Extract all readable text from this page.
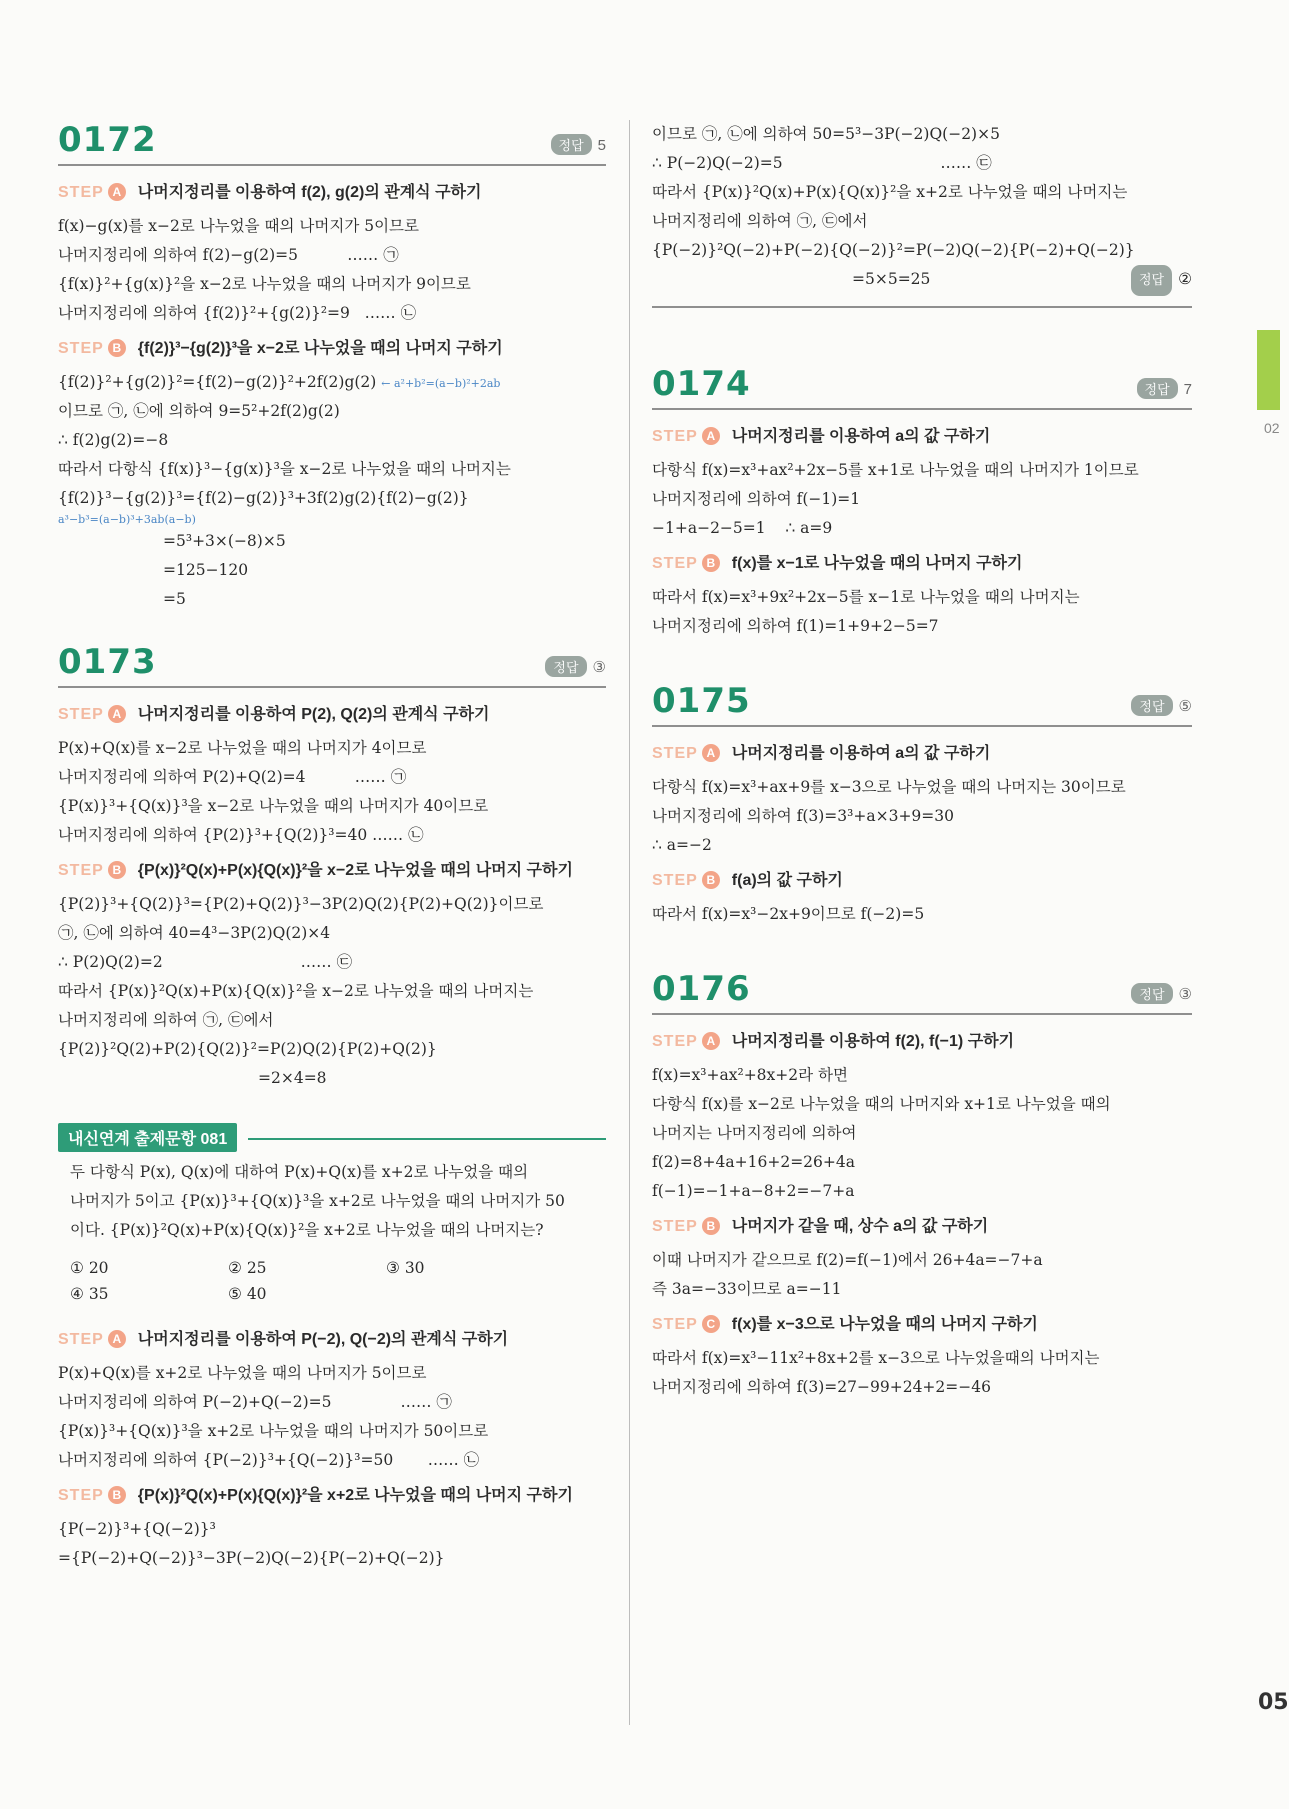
02
05
0172	정답 5
STEP A 나머지정리를 이용하여 f(2), g(2)의 관계식 구하기
f(x)−g(x)를 x−2로 나누었을 때의 나머지가 5이므로
나머지정리에 의하여 f(2)−g(2)=5          …… ㉠
{f(x)}²+{g(x)}²을 x−2로 나누었을 때의 나머지가 9이므로
나머지정리에 의하여 {f(2)}²+{g(2)}²=9   …… ㉡
STEP B {f(2)}³−{g(2)}³을 x−2로 나누었을 때의 나머지 구하기
{f(2)}²+{g(2)}²={f(2)−g(2)}²+2f(2)g(2) ← a²+b²=(a−b)²+2ab
이므로 ㉠, ㉡에 의하여 9=5²+2f(2)g(2)
∴ f(2)g(2)=−8
따라서 다항식 {f(x)}³−{g(x)}³을 x−2로 나누었을 때의 나머지는
{f(2)}³−{g(2)}³={f(2)−g(2)}³+3f(2)g(2){f(2)−g(2)}
a³−b³=(a−b)³+3ab(a−b)
=5³+3×(−8)×5
=125−120
=5
0173	정답 ③
STEP A 나머지정리를 이용하여 P(2), Q(2)의 관계식 구하기
P(x)+Q(x)를 x−2로 나누었을 때의 나머지가 4이므로
나머지정리에 의하여 P(2)+Q(2)=4          …… ㉠
{P(x)}³+{Q(x)}³을 x−2로 나누었을 때의 나머지가 40이므로
나머지정리에 의하여 {P(2)}³+{Q(2)}³=40 …… ㉡
STEP B {P(x)}²Q(x)+P(x){Q(x)}²을 x−2로 나누었을 때의 나머지 구하기
{P(2)}³+{Q(2)}³={P(2)+Q(2)}³−3P(2)Q(2){P(2)+Q(2)}이므로
㉠, ㉡에 의하여 40=4³−3P(2)Q(2)×4
∴ P(2)Q(2)=2                            …… ㉢
따라서 {P(x)}²Q(x)+P(x){Q(x)}²을 x−2로 나누었을 때의 나머지는
나머지정리에 의하여 ㉠, ㉢에서
{P(2)}²Q(2)+P(2){Q(2)}²=P(2)Q(2){P(2)+Q(2)}
=2×4=8
내신연계 출제문항 081
두 다항식 P(x), Q(x)에 대하여 P(x)+Q(x)를 x+2로 나누었을 때의
나머지가 5이고 {P(x)}³+{Q(x)}³을 x+2로 나누었을 때의 나머지가 50
이다. {P(x)}²Q(x)+P(x){Q(x)}²을 x+2로 나누었을 때의 나머지는?
① 20	② 25	③ 30
④ 35	⑤ 40
STEP A 나머지정리를 이용하여 P(−2), Q(−2)의 관계식 구하기
P(x)+Q(x)를 x+2로 나누었을 때의 나머지가 5이므로
나머지정리에 의하여 P(−2)+Q(−2)=5              …… ㉠
{P(x)}³+{Q(x)}³을 x+2로 나누었을 때의 나머지가 50이므로
나머지정리에 의하여 {P(−2)}³+{Q(−2)}³=50       …… ㉡
STEP B {P(x)}²Q(x)+P(x){Q(x)}²을 x+2로 나누었을 때의 나머지 구하기
{P(−2)}³+{Q(−2)}³
={P(−2)+Q(−2)}³−3P(−2)Q(−2){P(−2)+Q(−2)}
이므로 ㉠, ㉡에 의하여 50=5³−3P(−2)Q(−2)×5
∴ P(−2)Q(−2)=5                                …… ㉢
따라서 {P(x)}²Q(x)+P(x){Q(x)}²을 x+2로 나누었을 때의 나머지는
나머지정리에 의하여 ㉠, ㉢에서
{P(−2)}²Q(−2)+P(−2){Q(−2)}²=P(−2)Q(−2){P(−2)+Q(−2)}
=5×5=25	정답 ②
0174	정답 7
STEP A 나머지정리를 이용하여 a의 값 구하기
다항식 f(x)=x³+ax²+2x−5를 x+1로 나누었을 때의 나머지가 1이므로
나머지정리에 의하여 f(−1)=1
−1+a−2−5=1    ∴ a=9
STEP B f(x)를 x−1로 나누었을 때의 나머지 구하기
따라서 f(x)=x³+9x²+2x−5를 x−1로 나누었을 때의 나머지는
나머지정리에 의하여 f(1)=1+9+2−5=7
0175	정답 ⑤
STEP A 나머지정리를 이용하여 a의 값 구하기
다항식 f(x)=x³+ax+9를 x−3으로 나누었을 때의 나머지는 30이므로
나머지정리에 의하여 f(3)=3³+a×3+9=30
∴ a=−2
STEP B f(a)의 값 구하기
따라서 f(x)=x³−2x+9이므로 f(−2)=5
0176	정답 ③
STEP A 나머지정리를 이용하여 f(2), f(−1) 구하기
f(x)=x³+ax²+8x+2라 하면
다항식 f(x)를 x−2로 나누었을 때의 나머지와 x+1로 나누었을 때의
나머지는 나머지정리에 의하여
f(2)=8+4a+16+2=26+4a
f(−1)=−1+a−8+2=−7+a
STEP B 나머지가 같을 때, 상수 a의 값 구하기
이때 나머지가 같으므로 f(2)=f(−1)에서 26+4a=−7+a
즉 3a=−33이므로 a=−11
STEP C f(x)를 x−3으로 나누었을 때의 나머지 구하기
따라서 f(x)=x³−11x²+8x+2를 x−3으로 나누었을때의 나머지는
나머지정리에 의하여 f(3)=27−99+24+2=−46
